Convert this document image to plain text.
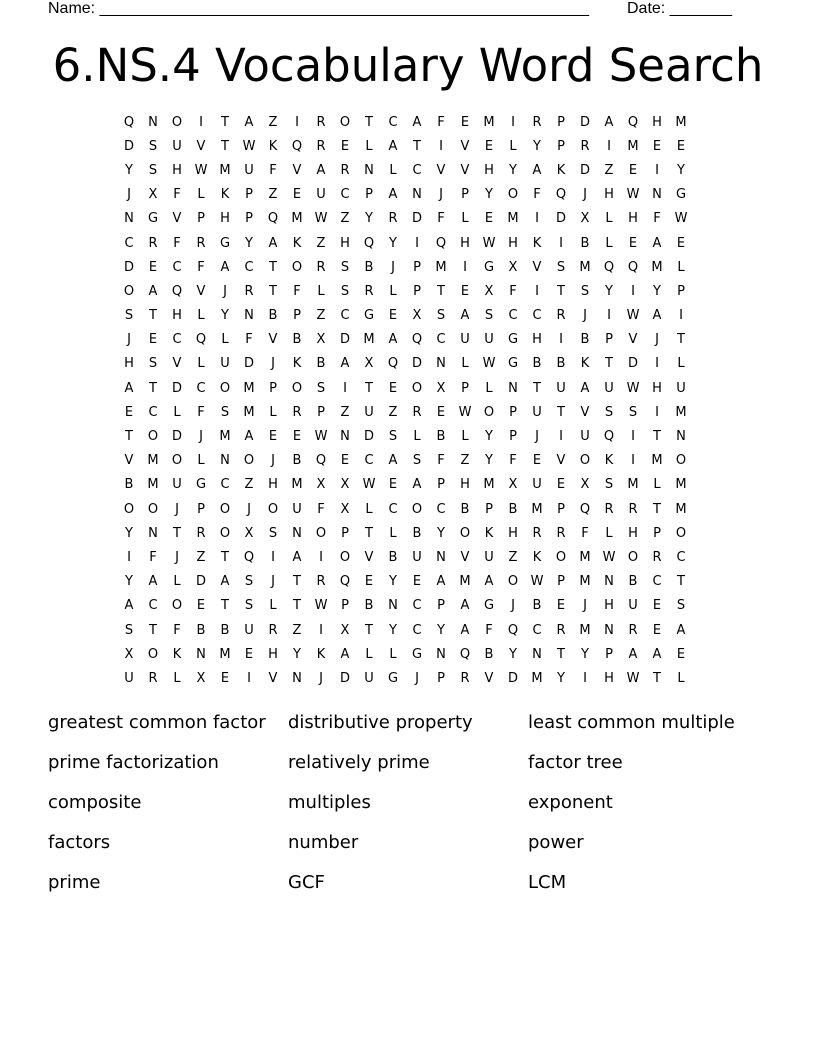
Name: _______________________________________________________ Date: _______
6.NS.4 Vocabulary Word Search
Q	N	O	I	T	A	Z	I	R	O	T	C	A	F	E	M	I	R	P	D	A	Q	H	M
D	S	U	V	T	W	K	Q	R	E	L	A	T	I	V	E	L	Y	P	R	I	M	E	E
Y	S	H W M	U	F	V	A	R	N	L	C	V	V	H	Y	A	K	D	Z	E	I	Y
J	X	F	L	K	P	Z	E	U	C	P	A	N	J	P	Y	O	F	Q	J	H W N	G
N	G	V	P	H	P	Q	M W	Z	Y	R	D	F	L	E	M	I	D	X	L	H	F	W
C	R	F	R	G	Y	A	K	Z	H	Q	Y	I	Q	H W H	K	I	B	L	E	A	E
D	E	C	F	A	C	T	O	R	S	B	J	P	M	I	G	X	V	S	M	Q	Q	M	L
O	A	Q	V	J	R	T	F	L	S	R	L	P	T	E	X	F	I	T	S	Y	I	Y	P
S	T	H	L	Y	N	B	P	Z	C	G	E	X	S	A	S	C	C	R	J	I	W	A	I
J	E	C	Q	L	F	V	B	X	D	M	A	Q	C	U	U	G	H	I	B	P	V	J	T
H	S	V	L	U	D	J	K	B	A	X	Q	D	N	L	W G	B	B	K	T	D	I	L
A	T	D	C	O	M	P	O	S	I	T	E	O	X	P	L	N	T	U	A	U W H	U
E	C	L	F	S	M	L	R	P	Z	U	Z	R	E	W O	P	U	T	V	S	S	I	M
T	O	D	J	M	A	E	E	W N	D	S	L	B	L	Y	P	J	I	U	Q	I	T	N
V	M	O	L	N	O	J	B	Q	E	C	A	S	F	Z	Y	F	E	V	O	K	I	M	O
B	M	U	G	C	Z	H	M	X	X	W	E	A	P	H	M	X	U	E	X	S	M	L	M
O	O	J	P	O	J	O	U	F	X	L	C	O	C	B	P	B	M	P	Q	R	R	T	M
Y	N	T	R	O	X	S	N	O	P	T	L	B	Y	O	K	H	R	R	F	L	H	P	O
I	F	J	Z	T	Q	I	A	I	O	V	B	U	N	V	U	Z	K	O	M W O	R	C
Y	A	L	D	A	S	J	T	R	Q	E	Y	E	A	M	A	O W	P	M	N	B	C	T
A	C	O	E	T	S	L	T	W	P	B	N	C	P	A	G	J	B	E	J	H	U	E	S
S	T	F	B	B	U	R	Z	I	X	T	Y	C	Y	A	F	Q	C	R	M	N	R	E	A
X	O	K	N	M	E	H	Y	K	A	L	L	G	N	Q	B	Y	N	T	Y	P	A	A	E
U	R	L	X	E	I	V	N	J	D	U	G	J	P	R	V	D	M	Y	I	H W	T	L
greatest common factor	distributive property	least common multiple
prime factorization	relatively prime	factor tree
composite	multiples	exponent
factors	number	power
prime	GCF	LCM
